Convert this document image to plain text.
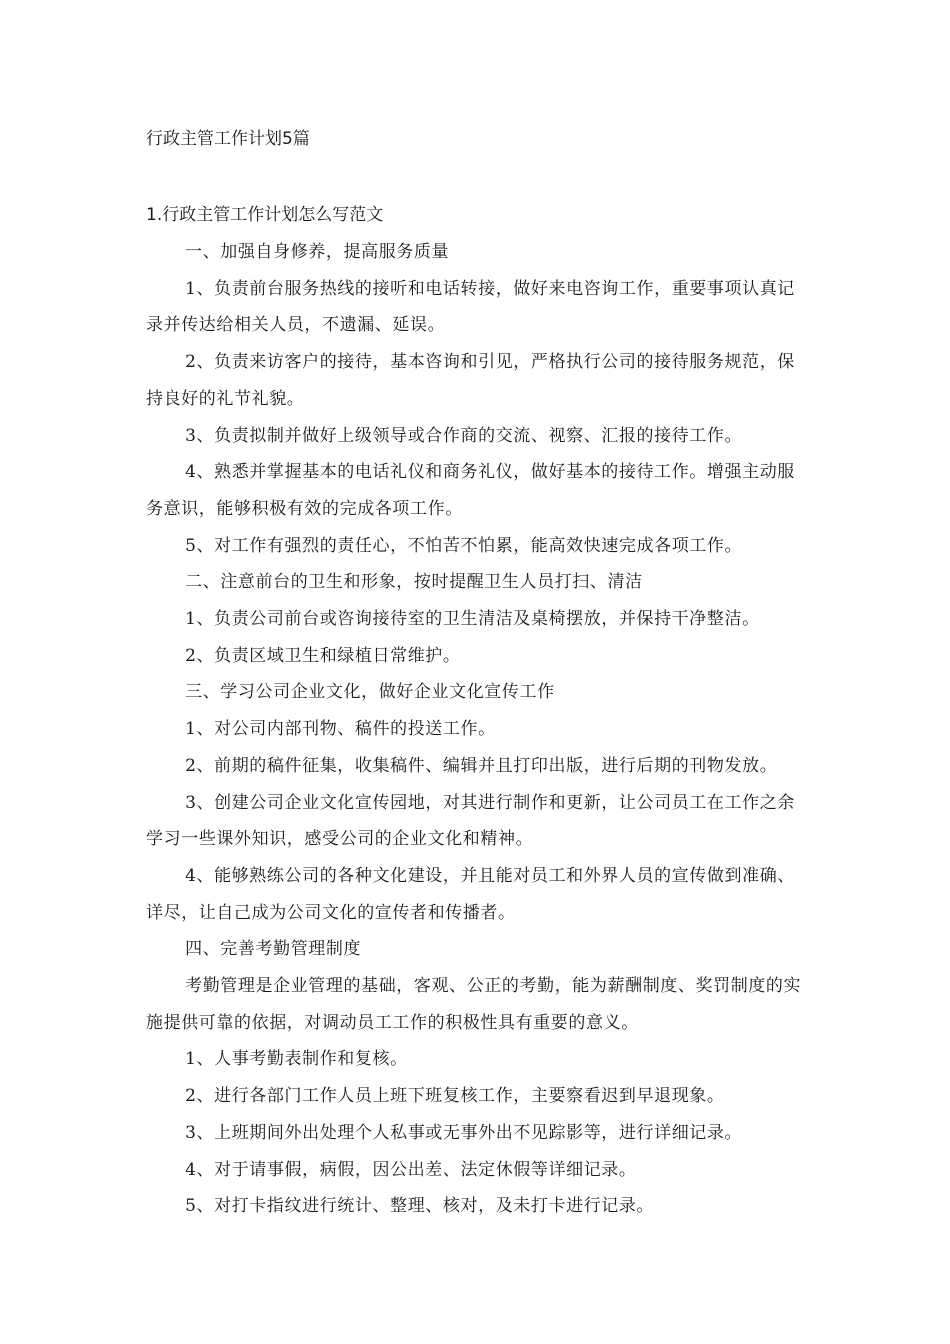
行政主管工作计划5篇
1.行政主管工作计划怎么写范文

一、加强自身修养，提高服务质量

1、负责前台服务热线的接听和电话转接，做好来电咨询工作，重要事项认真记录并传达给相关人员，不遗漏、延误。

2、负责来访客户的接待，基本咨询和引见，严格执行公司的接待服务规范，保持良好的礼节礼貌。

3、负责拟制并做好上级领导或合作商的交流、视察、汇报的接待工作。

4、熟悉并掌握基本的电话礼仪和商务礼仪，做好基本的接待工作。增强主动服务意识，能够积极有效的完成各项工作。

5、对工作有强烈的责任心，不怕苦不怕累，能高效快速完成各项工作。

二、注意前台的卫生和形象，按时提醒卫生人员打扫、清洁

1、负责公司前台或咨询接待室的卫生清洁及桌椅摆放，并保持干净整洁。

2、负责区域卫生和绿植日常维护。

三、学习公司企业文化，做好企业文化宣传工作

1、对公司内部刊物、稿件的投送工作。

2、前期的稿件征集，收集稿件、编辑并且打印出版，进行后期的刊物发放。

3、创建公司企业文化宣传园地，对其进行制作和更新，让公司员工在工作之余学习一些课外知识，感受公司的企业文化和精神。

4、能够熟练公司的各种文化建设，并且能对员工和外界人员的宣传做到准确、详尽，让自己成为公司文化的宣传者和传播者。

四、完善考勤管理制度

考勤管理是企业管理的基础，客观、公正的考勤，能为薪酬制度、奖罚制度的实施提供可靠的依据，对调动员工工作的积极性具有重要的意义。

1、人事考勤表制作和复核。

2、进行各部门工作人员上班下班复核工作，主要察看迟到早退现象。

3、上班期间外出处理个人私事或无事外出不见踪影等，进行详细记录。

4、对于请事假，病假，因公出差、法定休假等详细记录。

5、对打卡指纹进行统计、整理、核对，及未打卡进行记录。
